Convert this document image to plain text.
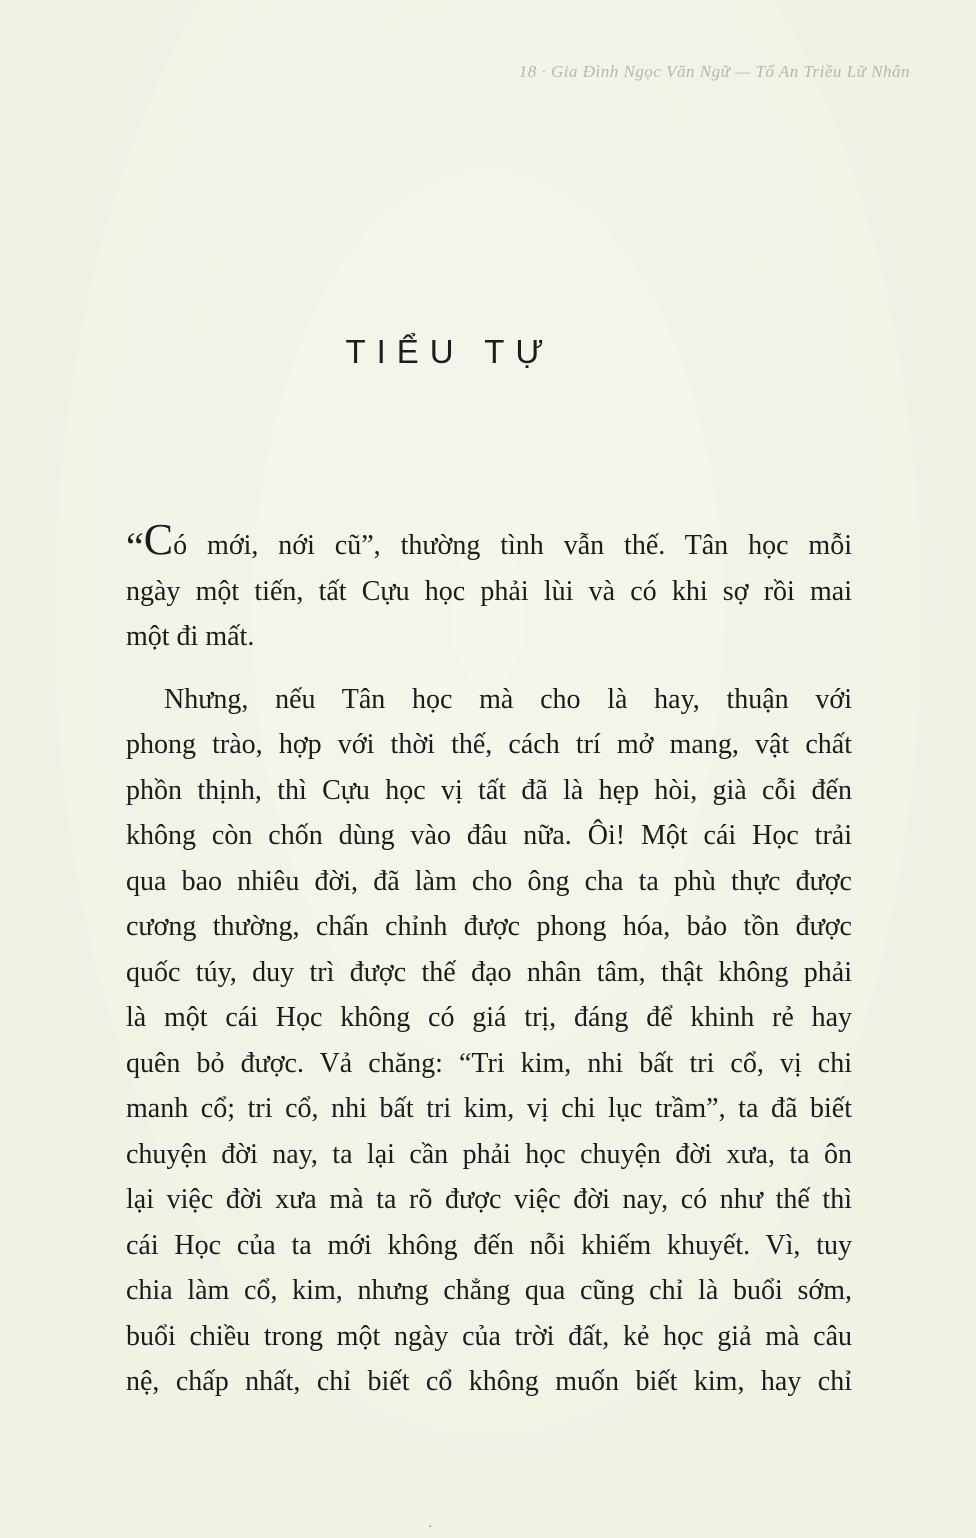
18 · Gia Đình Ngọc Văn Ngữ — Tổ An Triều Lữ Nhân
TIỂU TỰ

“Có mới, nới cũ”, thường tình vẫn thế. Tân học mỗi
ngày một tiến, tất Cựu học phải lùi và có khi sợ rồi mai
một đi mất.

Nhưng, nếu Tân học mà cho là hay, thuận với
phong trào, hợp với thời thế, cách trí mở mang, vật chất
phồn thịnh, thì Cựu học vị tất đã là hẹp hòi, già cỗi đến
không còn chốn dùng vào đâu nữa. Ôi! Một cái Học trải
qua bao nhiêu đời, đã làm cho ông cha ta phù thực được
cương thường, chấn chỉnh được phong hóa, bảo tồn được
quốc túy, duy trì được thế đạo nhân tâm, thật không phải
là một cái Học không có giá trị, đáng để khinh rẻ hay
quên bỏ được. Vả chăng: “Tri kim, nhi bất tri cổ, vị chi
manh cổ; tri cổ, nhi bất tri kim, vị chi lục trầm”, ta đã biết
chuyện đời nay, ta lại cần phải học chuyện đời xưa, ta ôn
lại việc đời xưa mà ta rõ được việc đời nay, có như thế thì
cái Học của ta mới không đến nỗi khiếm khuyết. Vì, tuy
chia làm cổ, kim, nhưng chẳng qua cũng chỉ là buổi sớm,
buổi chiều trong một ngày của trời đất, kẻ học giả mà câu
nệ, chấp nhất, chỉ biết cổ không muốn biết kim, hay chỉ

·
